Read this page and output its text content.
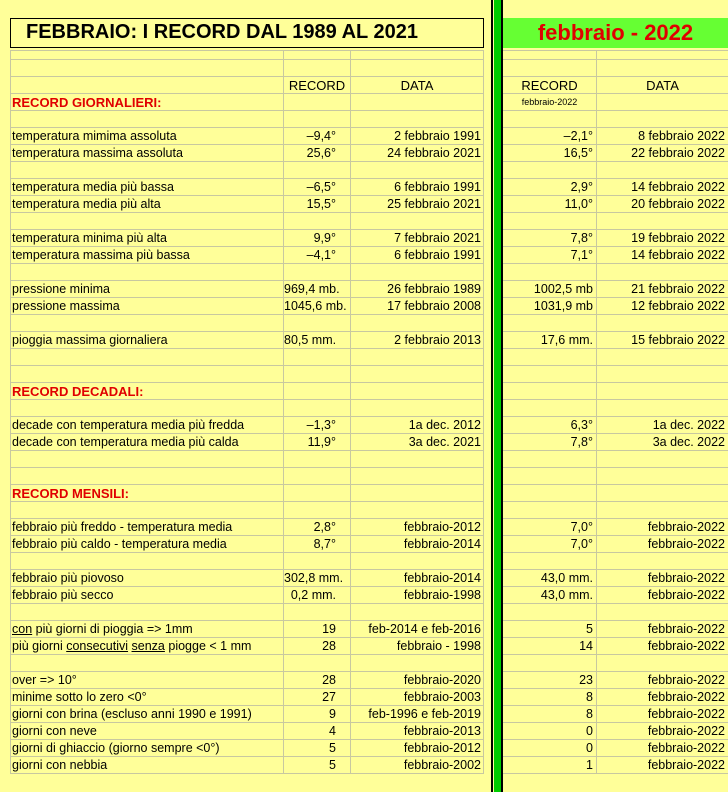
FEBBRAIO: I RECORD DAL 1989 AL 2021	febbraio - 2022
RECORD	DATA	RECORD	DATA
febbraio-2022
RECORD GIORNALIERI:
RECORD DECADALI:
RECORD MENSILI:
temperatura mimima assoluta	–9,4°	2 febbraio 1991	–2,1°	8 febbraio 2022
temperatura massima assoluta	25,6°	24 febbraio 2021	16,5°	22 febbraio 2022
temperatura media più bassa	–6,5°	6 febbraio 1991	2,9°	14 febbraio 2022
temperatura media più alta	15,5°	25 febbraio 2021	11,0°	20 febbraio 2022
temperatura minima più alta	9,9°	7 febbraio 2021	7,8°	19 febbraio 2022
temperatura massima più bassa	–4,1°	6 febbraio 1991	7,1°	14 febbraio 2022
pressione minima	969,4 mb.	26 febbraio 1989	1002,5 mb	21 febbraio 2022
pressione massima	1045,6 mb.	17 febbraio 2008	1031,9 mb	12 febbraio 2022
pioggia massima giornaliera	80,5 mm.	2 febbraio 2013	17,6 mm.	15 febbraio 2022
decade con temperatura media più fredda	–1,3°	1a dec. 2012	6,3°	1a dec. 2022
decade con temperatura media più calda	11,9°	3a dec. 2021	7,8°	3a dec. 2022
febbraio più freddo - temperatura media	2,8°	febbraio-2012	7,0°	febbraio-2022
febbraio più caldo - temperatura media	8,7°	febbraio-2014	7,0°	febbraio-2022
febbraio più piovoso	302,8 mm.	febbraio-2014	43,0 mm.	febbraio-2022
febbraio più secco	0,2 mm.	febbraio-1998	43,0 mm.	febbraio-2022
con più giorni di pioggia => 1mm	19	feb-2014 e feb-2016	5	febbraio-2022
più giorni consecutivi senza piogge < 1 mm	28	febbraio - 1998	14	febbraio-2022
over => 10°	28	febbraio-2020	23	febbraio-2022
minime sotto lo zero <0°	27	febbraio-2003	8	febbraio-2022
giorni con brina (escluso anni 1990 e 1991)	9	feb-1996 e feb-2019	8	febbraio-2022
giorni con neve	4	febbraio-2013	0	febbraio-2022
giorni di ghiaccio (giorno sempre <0°)	5	febbraio-2012	0	febbraio-2022
giorni con nebbia	5	febbraio-2002	1	febbraio-2022
